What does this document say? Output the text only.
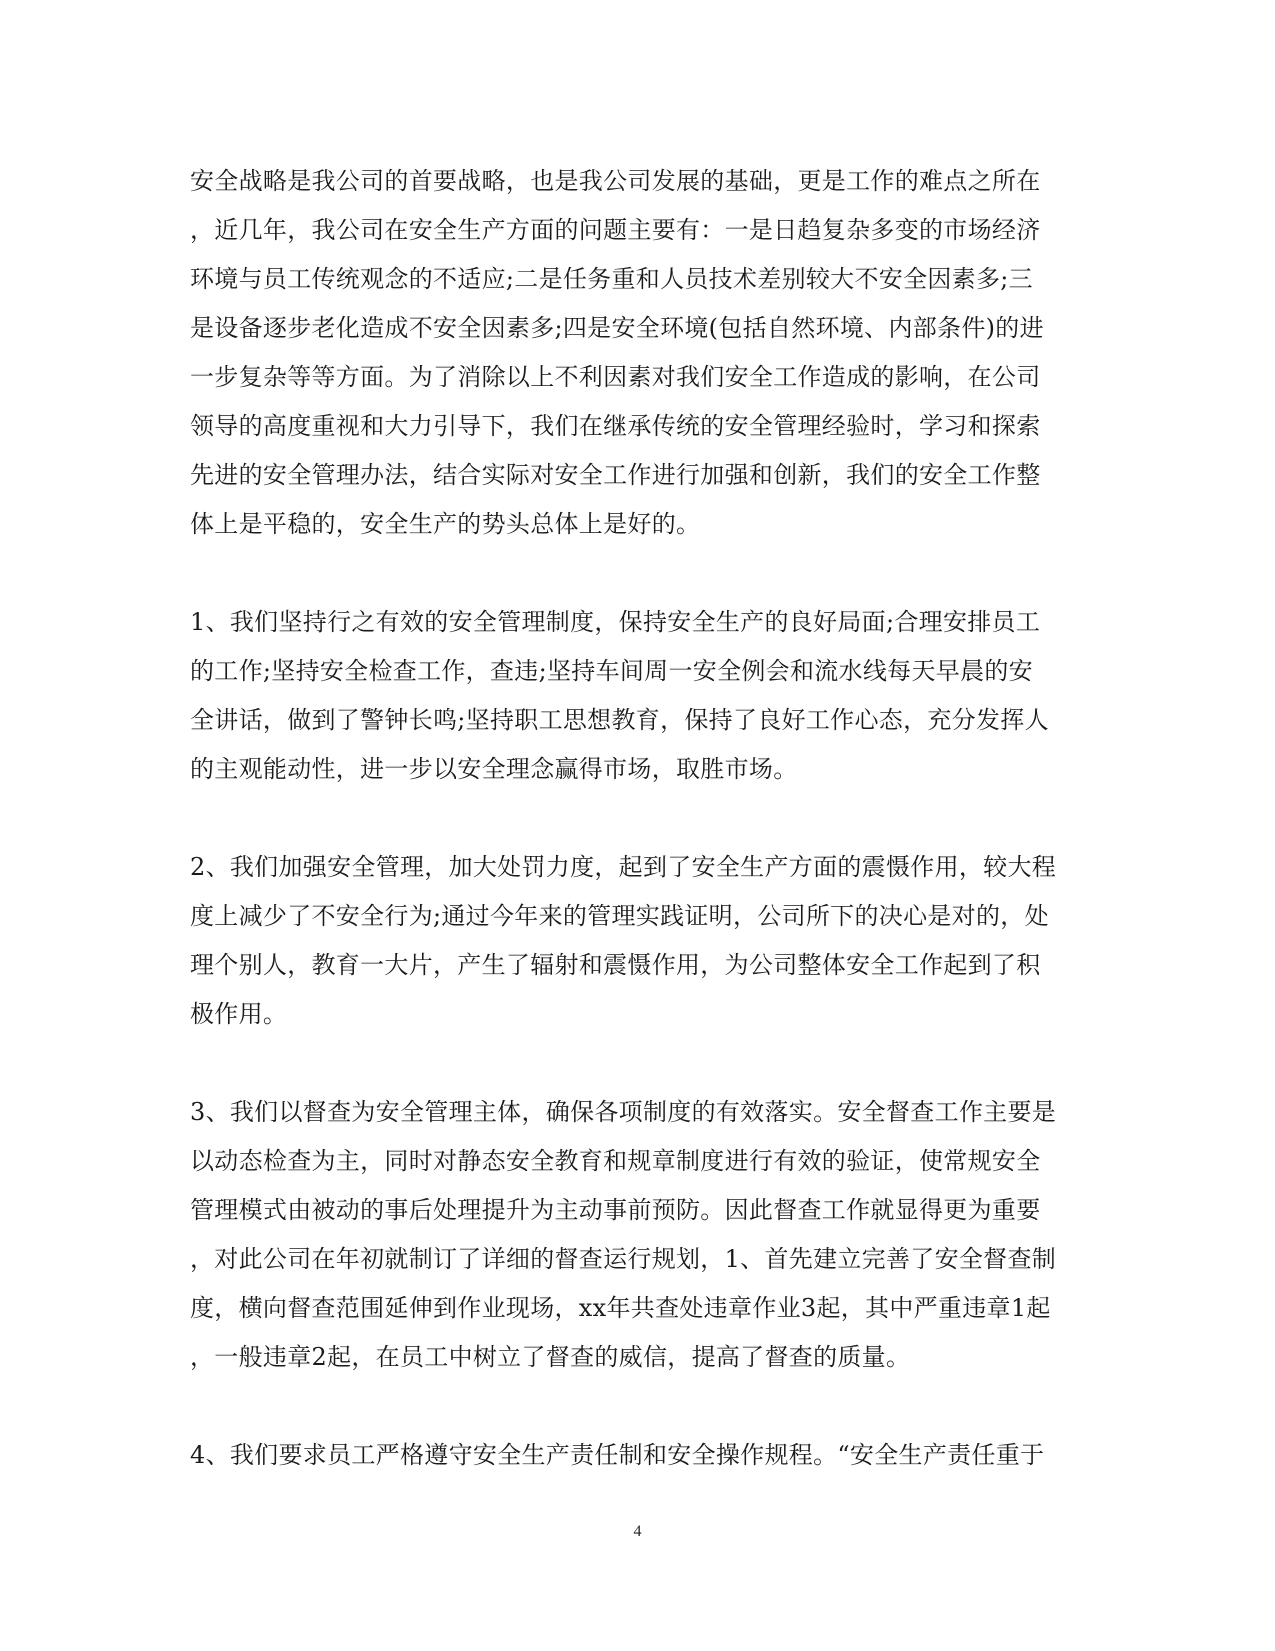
安全战略是我公司的首要战略，也是我公司发展的基础，更是工作的难点之所在
，近几年，我公司在安全生产方面的问题主要有：一是日趋复杂多变的市场经济
环境与员工传统观念的不适应;二是任务重和人员技术差别较大不安全因素多;三
是设备逐步老化造成不安全因素多;四是安全环境(包括自然环境、内部条件)的进
一步复杂等等方面。为了消除以上不利因素对我们安全工作造成的影响，在公司
领导的高度重视和大力引导下，我们在继承传统的安全管理经验时，学习和探索
先进的安全管理办法，结合实际对安全工作进行加强和创新，我们的安全工作整
体上是平稳的，安全生产的势头总体上是好的。
1、我们坚持行之有效的安全管理制度，保持安全生产的良好局面;合理安排员工
的工作;坚持安全检查工作，查违;坚持车间周一安全例会和流水线每天早晨的安
全讲话，做到了警钟长鸣;坚持职工思想教育，保持了良好工作心态，充分发挥人
的主观能动性，进一步以安全理念赢得市场，取胜市场。
2、我们加强安全管理，加大处罚力度，起到了安全生产方面的震慑作用，较大程
度上减少了不安全行为;通过今年来的管理实践证明，公司所下的决心是对的，处
理个别人，教育一大片，产生了辐射和震慑作用，为公司整体安全工作起到了积
极作用。
3、我们以督查为安全管理主体，确保各项制度的有效落实。安全督查工作主要是
以动态检查为主，同时对静态安全教育和规章制度进行有效的验证，使常规安全
管理模式由被动的事后处理提升为主动事前预防。因此督查工作就显得更为重要
，对此公司在年初就制订了详细的督查运行规划，1、首先建立完善了安全督查制
度，横向督查范围延伸到作业现场，xx年共查处违章作业3起，其中严重违章1起
，一般违章2起，在员工中树立了督查的威信，提高了督查的质量。
4、我们要求员工严格遵守安全生产责任制和安全操作规程。“安全生产责任重于
4
